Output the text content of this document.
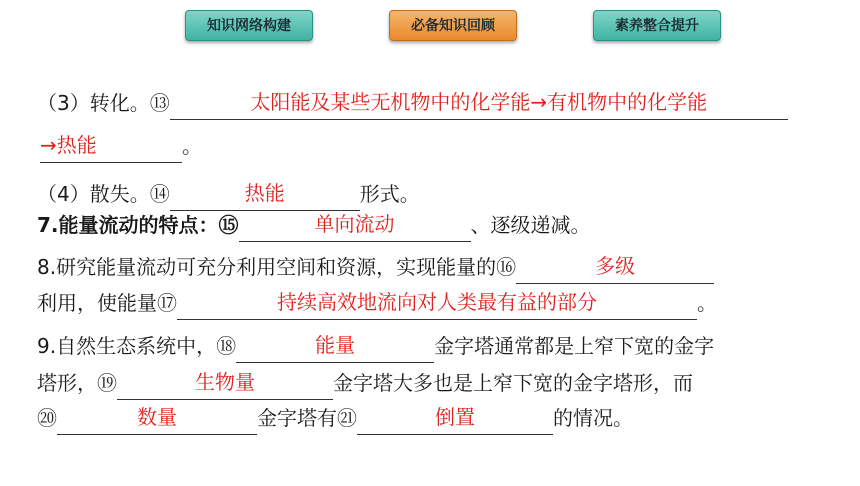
知识网络构建	必备知识回顾	素养整合提升
（3）转化。⑬	太阳能及某些无机物中的化学能→有机物中的化学能
→热能	。
（4）散失。⑭	热能	形式。
7.能量流动的特点：⑮	单向流动	、逐级递减。
8.研究能量流动可充分利用空间和资源，实现能量的⑯	多级
利用，使能量⑰	持续高效地流向对人类最有益的部分	。
9.自然生态系统中，⑱	能量	金字塔通常都是上窄下宽的金字
塔形，⑲	生物量	金字塔大多也是上窄下宽的金字塔形，而
⑳	数量	金字塔有㉑	倒置	的情况。
